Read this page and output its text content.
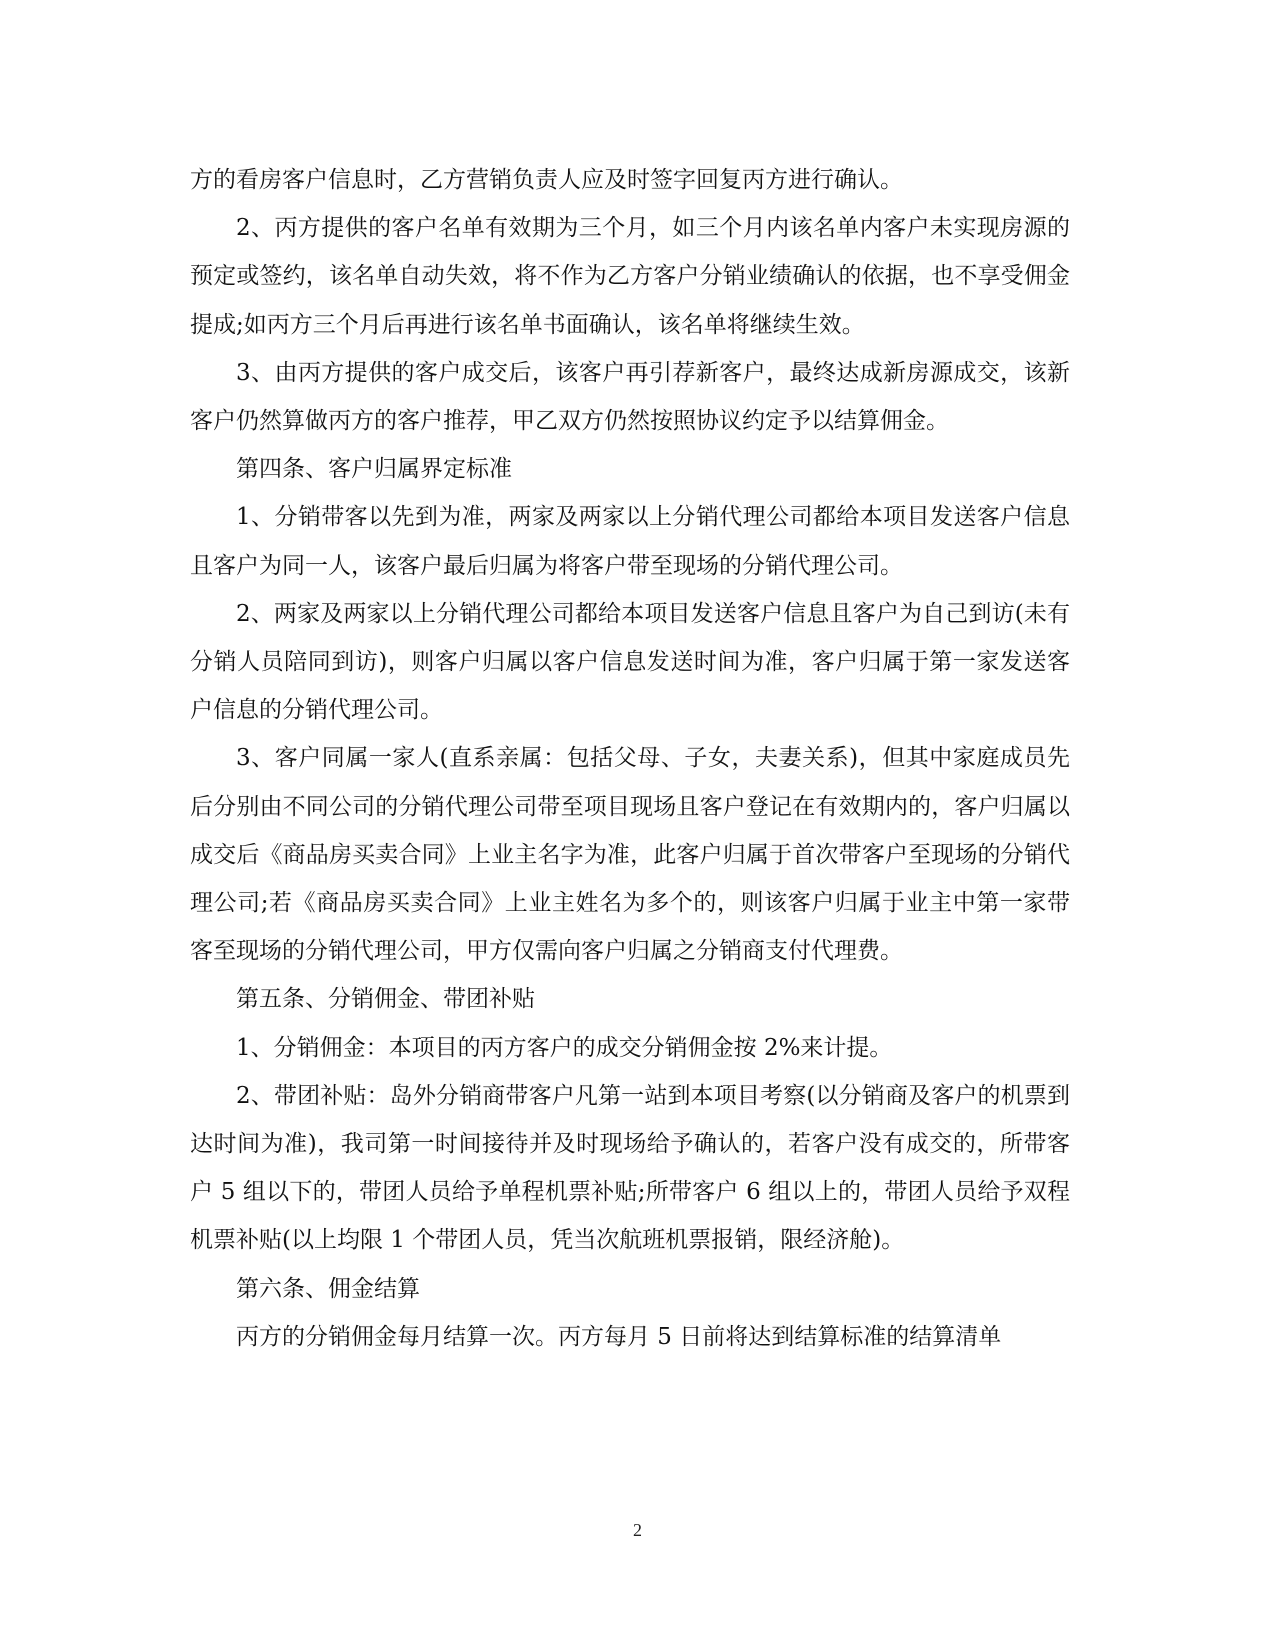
方的看房客户信息时，乙方营销负责人应及时签字回复丙方进行确认。

2、丙方提供的客户名单有效期为三个月，如三个月内该名单内客户未实现房源的预定或签约，该名单自动失效，将不作为乙方客户分销业绩确认的依据，也不享受佣金提成;如丙方三个月后再进行该名单书面确认，该名单将继续生效。

3、由丙方提供的客户成交后，该客户再引荐新客户，最终达成新房源成交，该新客户仍然算做丙方的客户推荐，甲乙双方仍然按照协议约定予以结算佣金。

第四条、客户归属界定标准

1、分销带客以先到为准，两家及两家以上分销代理公司都给本项目发送客户信息且客户为同一人，该客户最后归属为将客户带至现场的分销代理公司。

2、两家及两家以上分销代理公司都给本项目发送客户信息且客户为自己到访(未有分销人员陪同到访)，则客户归属以客户信息发送时间为准，客户归属于第一家发送客户信息的分销代理公司。

3、客户同属一家人(直系亲属：包括父母、子女，夫妻关系)，但其中家庭成员先后分别由不同公司的分销代理公司带至项目现场且客户登记在有效期内的，客户归属以成交后《商品房买卖合同》上业主名字为准，此客户归属于首次带客户至现场的分销代理公司;若《商品房买卖合同》上业主姓名为多个的，则该客户归属于业主中第一家带客至现场的分销代理公司，甲方仅需向客户归属之分销商支付代理费。

第五条、分销佣金、带团补贴

1、分销佣金：本项目的丙方客户的成交分销佣金按 2%来计提。

2、带团补贴：岛外分销商带客户凡第一站到本项目考察(以分销商及客户的机票到达时间为准)，我司第一时间接待并及时现场给予确认的，若客户没有成交的，所带客户 5 组以下的，带团人员给予单程机票补贴;所带客户 6 组以上的，带团人员给予双程机票补贴(以上均限 1 个带团人员，凭当次航班机票报销，限经济舱)。

第六条、佣金结算

丙方的分销佣金每月结算一次。丙方每月 5 日前将达到结算标准的结算清单

2
